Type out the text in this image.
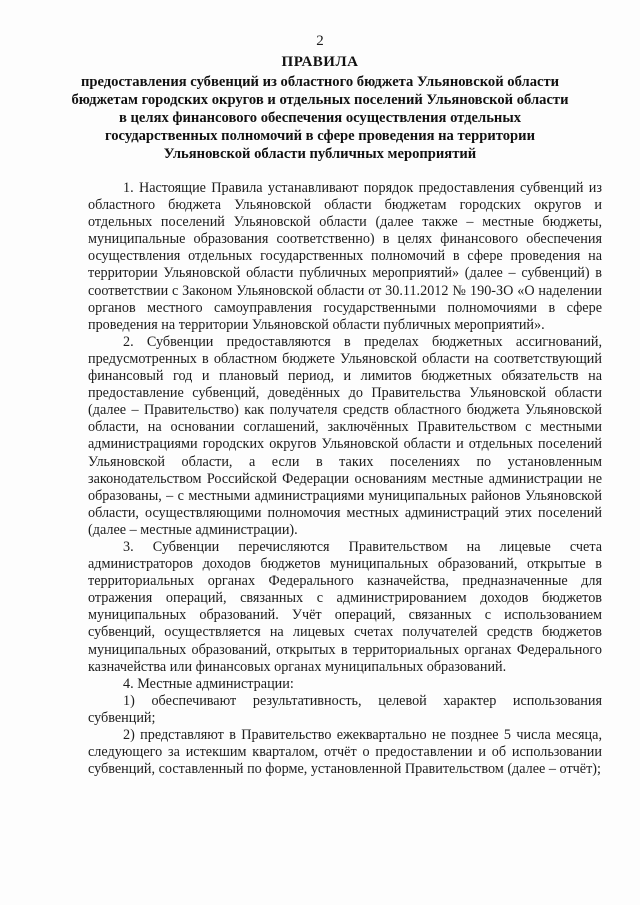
2
ПРАВИЛА
предоставления субвенций из областного бюджета Ульяновской области бюджетам городских округов и отдельных поселений Ульяновской области в целях финансового обеспечения осуществления отдельных государственных полномочий в сфере проведения на территории Ульяновской области публичных мероприятий

1. Настоящие Правила устанавливают порядок предоставления субвенций из областного бюджета Ульяновской области бюджетам городских округов и отдельных поселений Ульяновской области (далее также – местные бюджеты, муниципальные образования соответственно) в целях финансового обеспечения осуществления отдельных государственных полномочий в сфере проведения на территории Ульяновской области публичных мероприятий» (далее – субвенций) в соответствии с Законом Ульяновской области от 30.11.2012 № 190-ЗО «О наделении органов местного самоуправления государственными полномочиями в сфере проведения на территории Ульяновской области публичных мероприятий».

2. Субвенции предоставляются в пределах бюджетных ассигнований, предусмотренных в областном бюджете Ульяновской области на соответствующий финансовый год и плановый период, и лимитов бюджетных обязательств на предоставление субвенций, доведённых до Правительства Ульяновской области (далее – Правительство) как получателя средств областного бюджета Ульяновской области, на основании соглашений, заключённых Правительством с местными администрациями городских округов Ульяновской области и отдельных поселений Ульяновской области, а если в таких поселениях по установленным законодательством Российской Федерации основаниям местные администрации не образованы, – с местными администрациями муниципальных районов Ульяновской области, осуществляющими полномочия местных администраций этих поселений (далее – местные администрации).

3. Субвенции перечисляются Правительством на лицевые счета администраторов доходов бюджетов муниципальных образований, открытые в территориальных органах Федерального казначейства, предназначенные для отражения операций, связанных с администрированием доходов бюджетов муниципальных образований. Учёт операций, связанных с использованием субвенций, осуществляется на лицевых счетах получателей средств бюджетов муниципальных образований, открытых в территориальных органах Федерального казначейства или финансовых органах муниципальных образований.

4. Местные администрации:

1) обеспечивают результативность, целевой характер использования субвенций;

2) представляют в Правительство ежеквартально не позднее 5 числа месяца, следующего за истекшим кварталом, отчёт о предоставлении и об использовании субвенций, составленный по форме, установленной Правительством (далее – отчёт);
